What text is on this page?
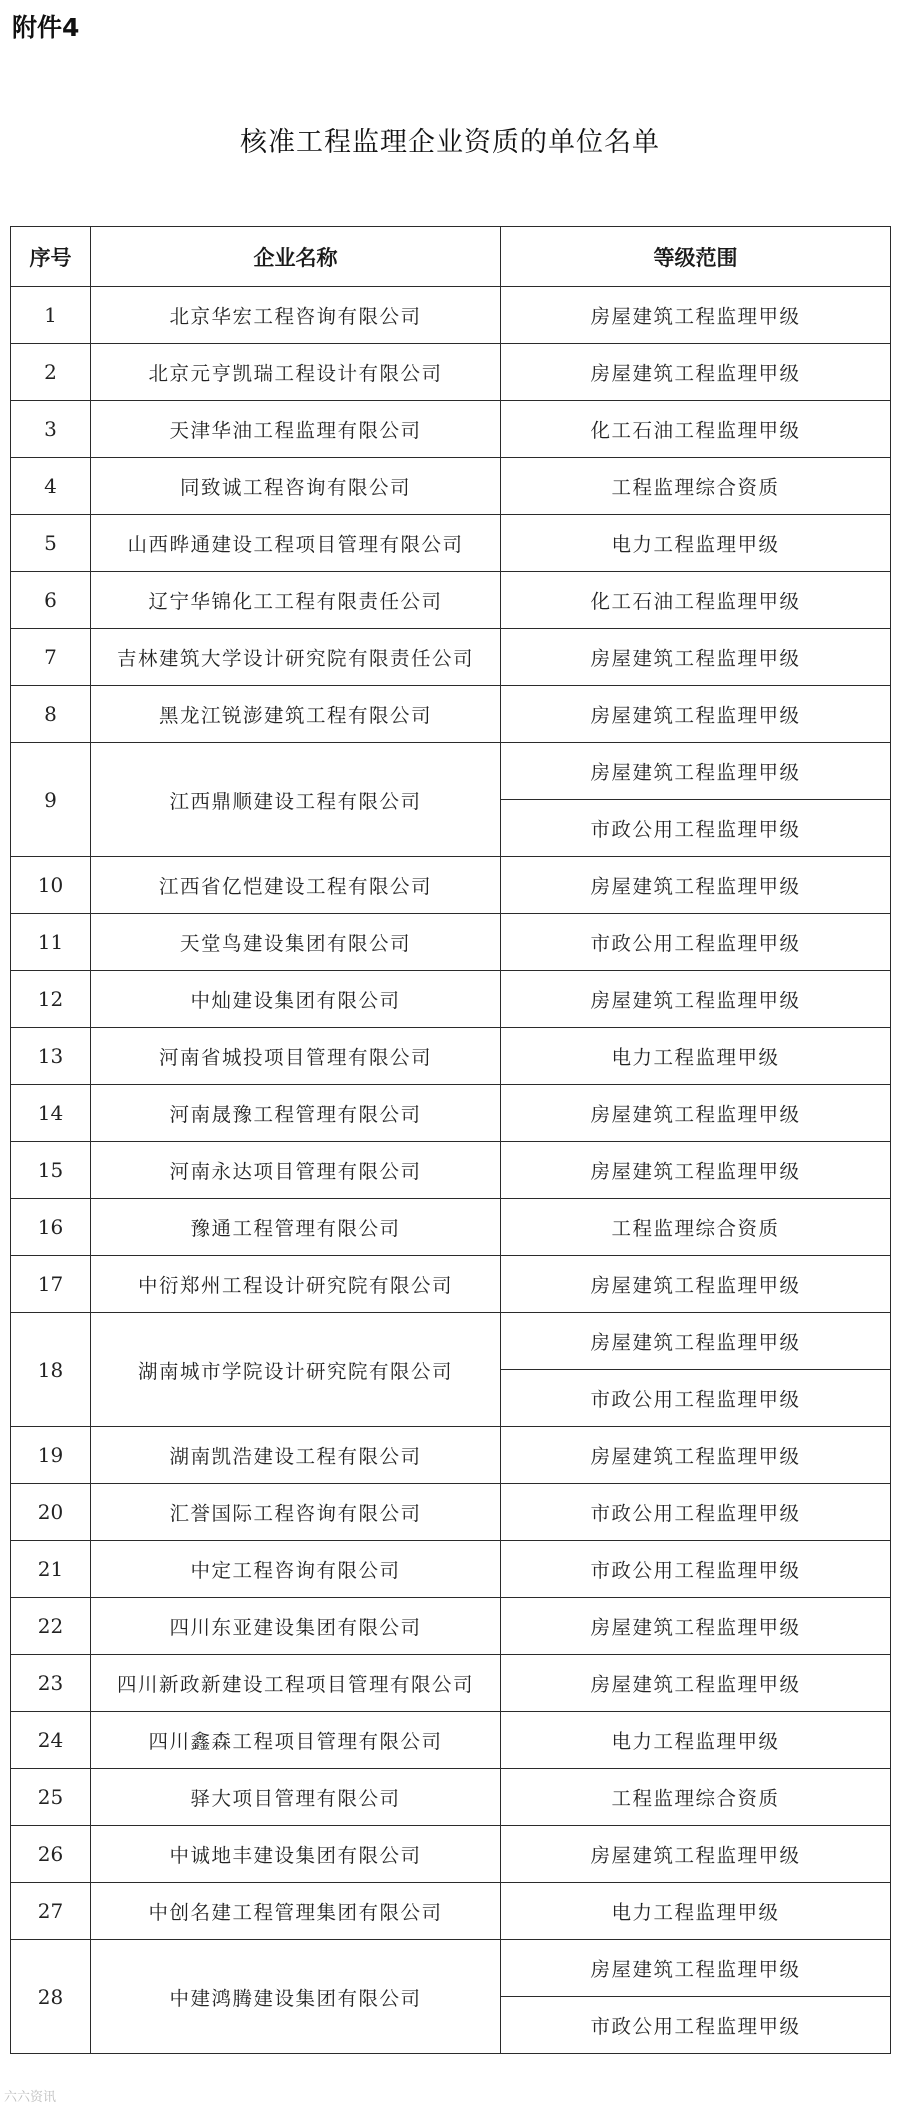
附件4
核准工程监理企业资质的单位名单
序号	企业名称	等级范围
1	北京华宏工程咨询有限公司	房屋建筑工程监理甲级
2	北京元亨凯瑞工程设计有限公司	房屋建筑工程监理甲级
3	天津华油工程监理有限公司	化工石油工程监理甲级
4	同致诚工程咨询有限公司	工程监理综合资质
5	山西晔通建设工程项目管理有限公司	电力工程监理甲级
6	辽宁华锦化工工程有限责任公司	化工石油工程监理甲级
7	吉林建筑大学设计研究院有限责任公司	房屋建筑工程监理甲级
8	黑龙江锐澎建筑工程有限公司	房屋建筑工程监理甲级
9	江西鼎顺建设工程有限公司	房屋建筑工程监理甲级
		市政公用工程监理甲级
10	江西省亿恺建设工程有限公司	房屋建筑工程监理甲级
11	天堂鸟建设集团有限公司	市政公用工程监理甲级
12	中灿建设集团有限公司	房屋建筑工程监理甲级
13	河南省城投项目管理有限公司	电力工程监理甲级
14	河南晟豫工程管理有限公司	房屋建筑工程监理甲级
15	河南永达项目管理有限公司	房屋建筑工程监理甲级
16	豫通工程管理有限公司	工程监理综合资质
17	中衍郑州工程设计研究院有限公司	房屋建筑工程监理甲级
18	湖南城市学院设计研究院有限公司	房屋建筑工程监理甲级
		市政公用工程监理甲级
19	湖南凯浩建设工程有限公司	房屋建筑工程监理甲级
20	汇誉国际工程咨询有限公司	市政公用工程监理甲级
21	中定工程咨询有限公司	市政公用工程监理甲级
22	四川东亚建设集团有限公司	房屋建筑工程监理甲级
23	四川新政新建设工程项目管理有限公司	房屋建筑工程监理甲级
24	四川鑫森工程项目管理有限公司	电力工程监理甲级
25	驿大项目管理有限公司	工程监理综合资质
26	中诚地丰建设集团有限公司	房屋建筑工程监理甲级
27	中创名建工程管理集团有限公司	电力工程监理甲级
28	中建鸿腾建设集团有限公司	房屋建筑工程监理甲级
		市政公用工程监理甲级
六六资讯
